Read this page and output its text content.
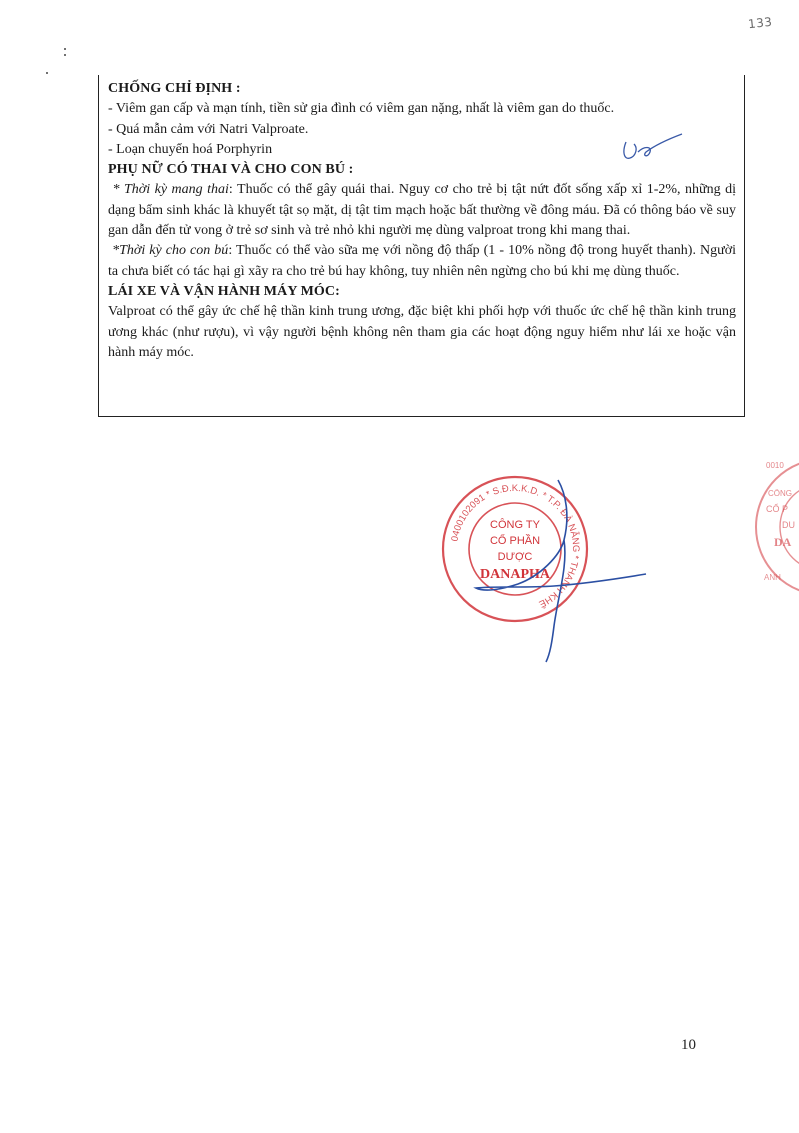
133
CHỐNG CHỈ ĐỊNH :
- Viêm gan cấp và mạn tính, tiền sử gia đình có viêm gan nặng, nhất là viêm gan do thuốc.
- Quá mẫn cảm với Natri Valproate.
- Loạn chuyển hoá Porphyrin
PHỤ NỮ CÓ THAI VÀ CHO CON BÚ :
* Thời kỳ mang thai: Thuốc có thể gây quái thai. Nguy cơ cho trẻ bị tật nứt đốt sống xấp xỉ 1-2%, những dị dạng bẩm sinh khác là khuyết tật sọ mặt, dị tật tim mạch hoặc bất thường về đông máu. Đã có thông báo về suy gan dẫn đến tử vong ở trẻ sơ sinh và trẻ nhỏ khi người mẹ dùng valproat trong khi mang thai.
*Thời kỳ cho con bú: Thuốc có thể vào sữa mẹ với nồng độ thấp (1 - 10% nồng độ trong huyết thanh). Người ta chưa biết có tác hại gì xãy ra cho trẻ bú hay không, tuy nhiên nên ngừng cho bú khi mẹ dùng thuốc.
LÁI XE VÀ VẬN HÀNH MÁY MÓC:
Valproat có thể gây ức chế hệ thần kinh trung ương, đặc biệt khi phối hợp với thuốc ức chế hệ thần kinh trung ương khác (như rượu), vì vậy người bệnh không nên tham gia các hoạt động nguy hiểm như lái xe hoặc vận hành máy móc.
0400102091 * S.Đ.K.K.D. * T.P. ĐÀ NẴNG * THANH KHÊ
CÔNG TY
CỔ PHẦN
DƯỢC
DANAPHA
0010
CÔNG
CỔ P
DU
DA
ANH
10
